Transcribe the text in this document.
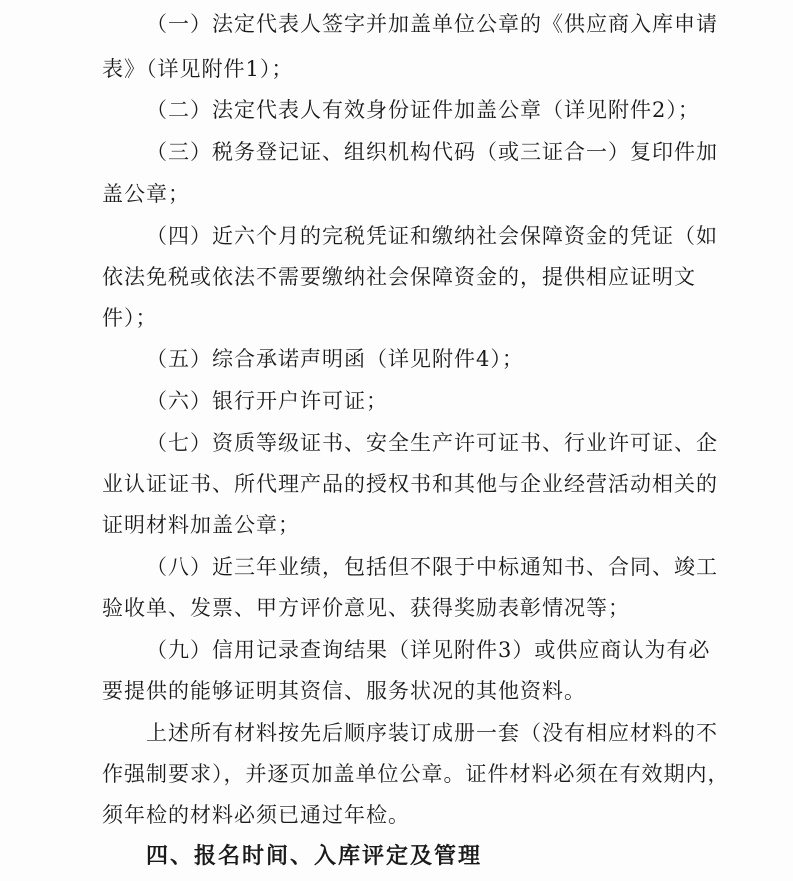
（一）法定代表人签字并加盖单位公章的《供应商入库申请
表》（详见附件1）；
（二）法定代表人有效身份证件加盖公章（详见附件2）；
（三）税务登记证、组织机构代码（或三证合一）复印件加
盖公章；
（四）近六个月的完税凭证和缴纳社会保障资金的凭证（如
依法免税或依法不需要缴纳社会保障资金的，提供相应证明文
件）；
（五）综合承诺声明函（详见附件4）；
（六）银行开户许可证；
（七）资质等级证书、安全生产许可证书、行业许可证、企
业认证证书、所代理产品的授权书和其他与企业经营活动相关的
证明材料加盖公章；
（八）近三年业绩，包括但不限于中标通知书、合同、竣工
验收单、发票、甲方评价意见、获得奖励表彰情况等；
（九）信用记录查询结果（详见附件3）或供应商认为有必
要提供的能够证明其资信、服务状况的其他资料。
上述所有材料按先后顺序装订成册一套（没有相应材料的不
作强制要求），并逐页加盖单位公章。证件材料必须在有效期内，
须年检的材料必须已通过年检。
四、报名时间、入库评定及管理
